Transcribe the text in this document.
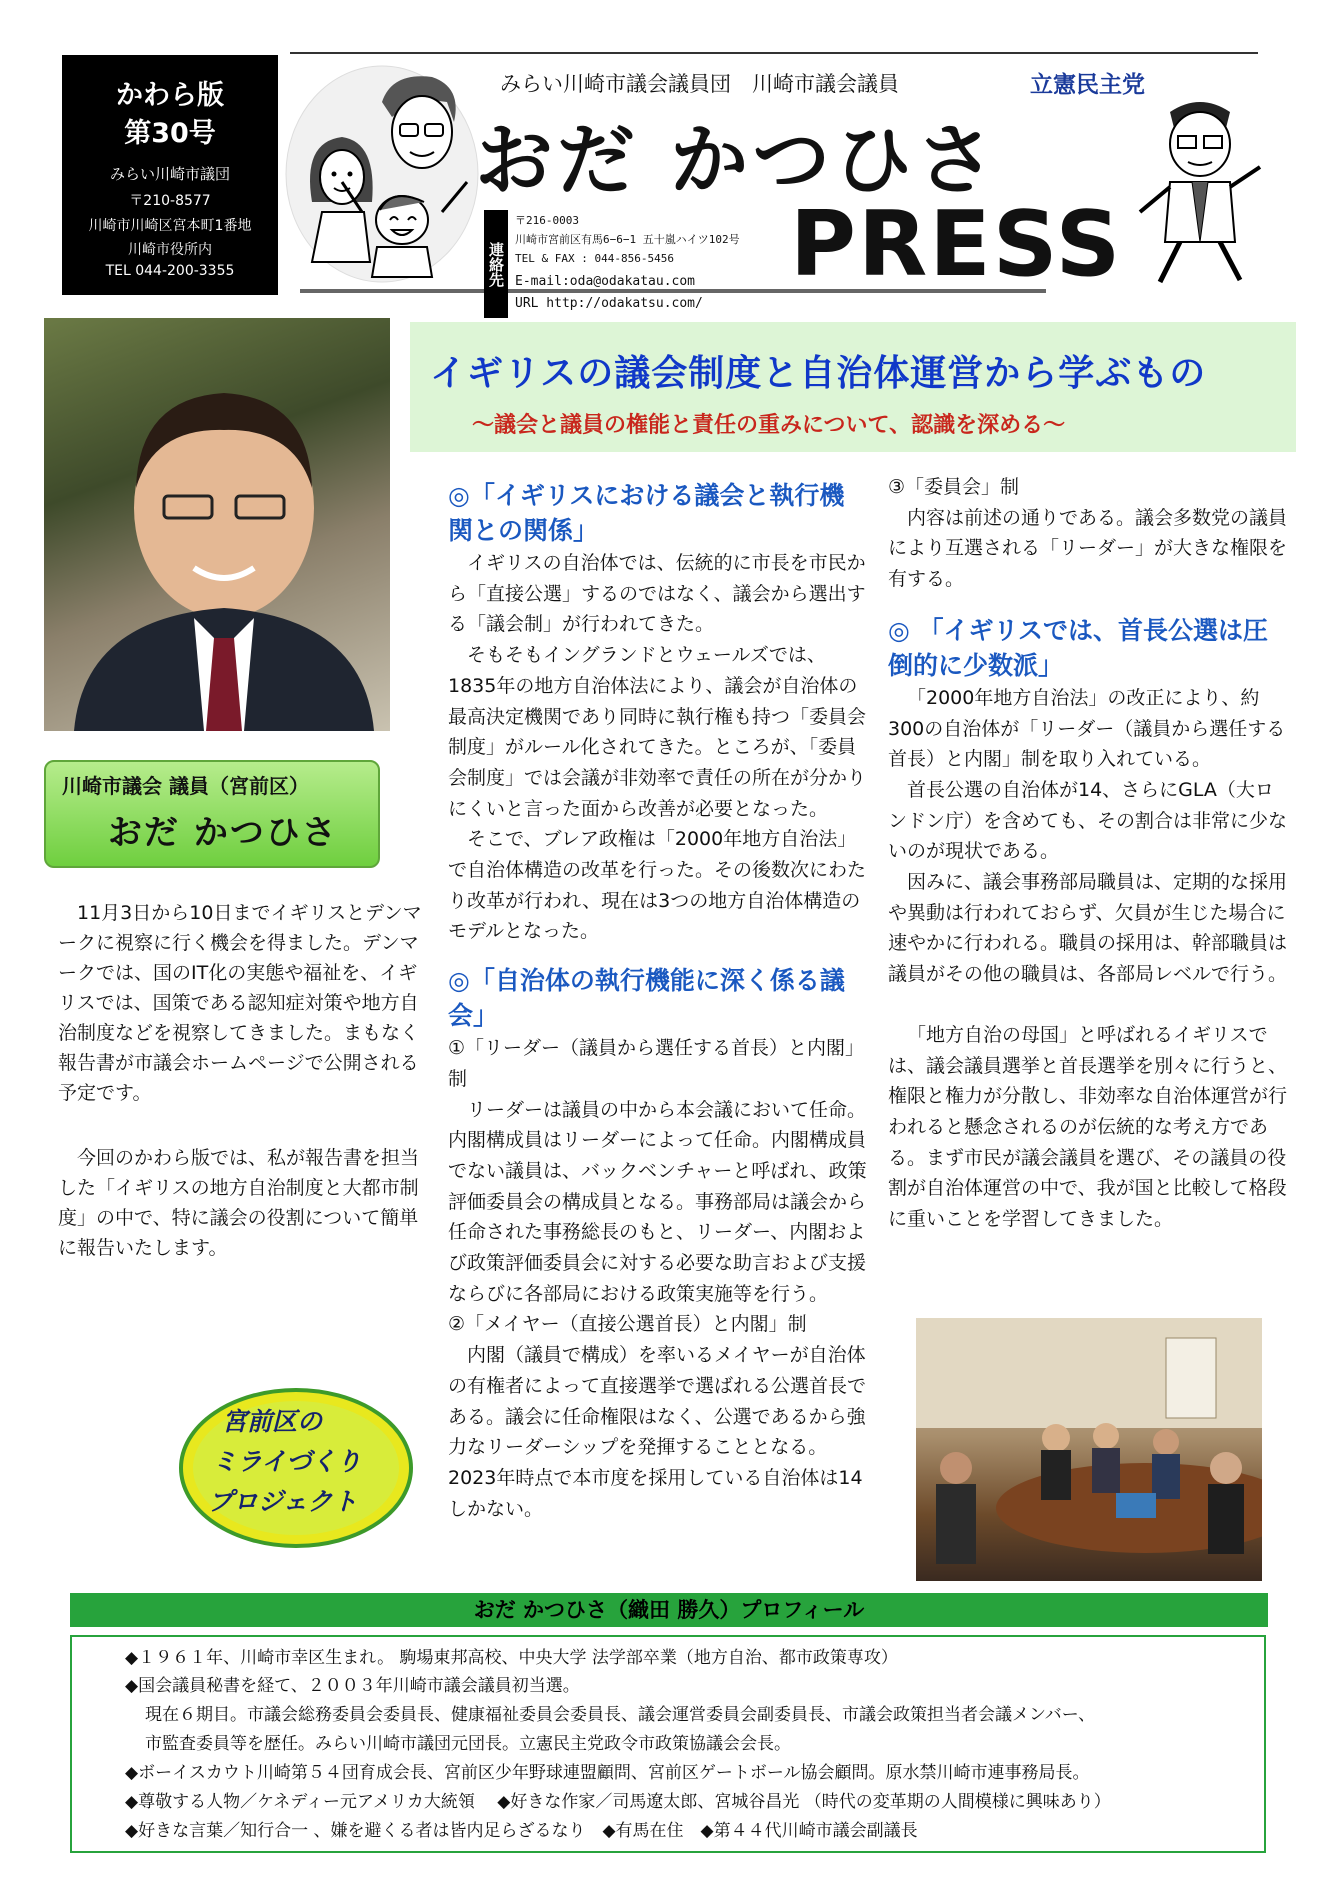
かわら版
第30号
みらい川崎市議団
〒210-8577
川崎市川崎区宮本町1番地
川崎市役所内
TEL 044-200-3355
みらい川崎市議会議員団　川崎市議会議員	立憲民主党
おだ かつひさ
PRESS
連絡先
〒216-0003
川崎市宮前区有馬6−6−1 五十嵐ハイツ102号
TEL & FAX : 044-856-5456
E-mail:oda@odakatau.com
URL http://odakatsu.com/
川崎市議会 議員（宮前区）
おだ かつひさ
11月3日から10日までイギリスとデンマークに視察に行く機会を得ました。デンマークでは、国のIT化の実態や福祉を、イギリスでは、国策である認知症対策や地方自治制度などを視察してきました。まもなく報告書が市議会ホームページで公開される予定です。
今回のかわら版では、私が報告書を担当した「イギリスの地方自治制度と大都市制度」の中で、特に議会の役割について簡単に報告いたします。
宮前区の
ミライづくり
プロジェクト
イギリスの議会制度と自治体運営から学ぶもの
～議会と議員の権能と責任の重みについて、認識を深める～
◎「イギリスにおける議会と執行機関との関係」

イギリスの自治体では、伝統的に市長を市民から「直接公選」するのではなく、議会から選出する「議会制」が行われてきた。

そもそもイングランドとウェールズでは、1835年の地方自治体法により、議会が自治体の最高決定機関であり同時に執行権も持つ「委員会制度」がルール化されてきた。ところが、「委員会制度」では会議が非効率で責任の所在が分かりにくいと言った面から改善が必要となった。

そこで、ブレア政権は「2000年地方自治法」で自治体構造の改革を行った。その後数次にわたり改革が行われ、現在は3つの地方自治体構造のモデルとなった。

◎「自治体の執行機能に深く係る議会」

①「リーダー（議員から選任する首長）と内閣」制

リーダーは議員の中から本会議において任命。内閣構成員はリーダーによって任命。内閣構成員でない議員は、バックベンチャーと呼ばれ、政策評価委員会の構成員となる。事務部局は議会から任命された事務総長のもと、リーダー、内閣および政策評価委員会に対する必要な助言および支援ならびに各部局における政策実施等を行う。

②「メイヤー（直接公選首長）と内閣」制

内閣（議員で構成）を率いるメイヤーが自治体の有権者によって直接選挙で選ばれる公選首長である。議会に任命権限はなく、公選であるから強力なリーダーシップを発揮することとなる。2023年時点で本市度を採用している自治体は14しかない。

③「委員会」制

内容は前述の通りである。議会多数党の議員により互選される「リーダー」が大きな権限を有する。

◎ 「イギリスでは、首長公選は圧倒的に少数派」

「2000年地方自治法」の改正により、約300の自治体が「リーダー（議員から選任する首長）と内閣」制を取り入れている。

首長公選の自治体が14、さらにGLA（大ロンドン庁）を含めても、その割合は非常に少ないのが現状である。

因みに、議会事務部局職員は、定期的な採用や異動は行われておらず、欠員が生じた場合に速やかに行われる。職員の採用は、幹部職員は議員がその他の職員は、各部局レベルで行う。

「地方自治の母国」と呼ばれるイギリスでは、議会議員選挙と首長選挙を別々に行うと、権限と権力が分散し、非効率な自治体運営が行われると懸念されるのが伝統的な考え方である。まず市民が議会議員を選び、その議員の役割が自治体運営の中で、我が国と比較して格段に重いことを学習してきました。

おだ かつひさ（織田 勝久）プロフィール
◆１９６１年、川崎市幸区生まれ。 駒場東邦高校、中央大学 法学部卒業（地方自治、都市政策専攻）
◆国会議員秘書を経て、２００３年川崎市議会議員初当選。
現在６期目。市議会総務委員会委員長、健康福祉委員会委員長、議会運営委員会副委員長、市議会政策担当者会議メンバー、
市監査委員等を歴任。みらい川崎市議団元団長。立憲民主党政令市政策協議会会長。
◆ボーイスカウト川崎第５４団育成会長、宮前区少年野球連盟顧問、宮前区ゲートボール協会顧問。原水禁川崎市連事務局長。
◆尊敬する人物／ケネディー元アメリカ大統領　 ◆好きな作家／司馬遼太郎、宮城谷昌光 （時代の変革期の人間模様に興味あり）
◆好きな言葉／知行合一 、嫌を避くる者は皆内足らざるなり　◆有馬在住　◆第４４代川崎市議会副議長
